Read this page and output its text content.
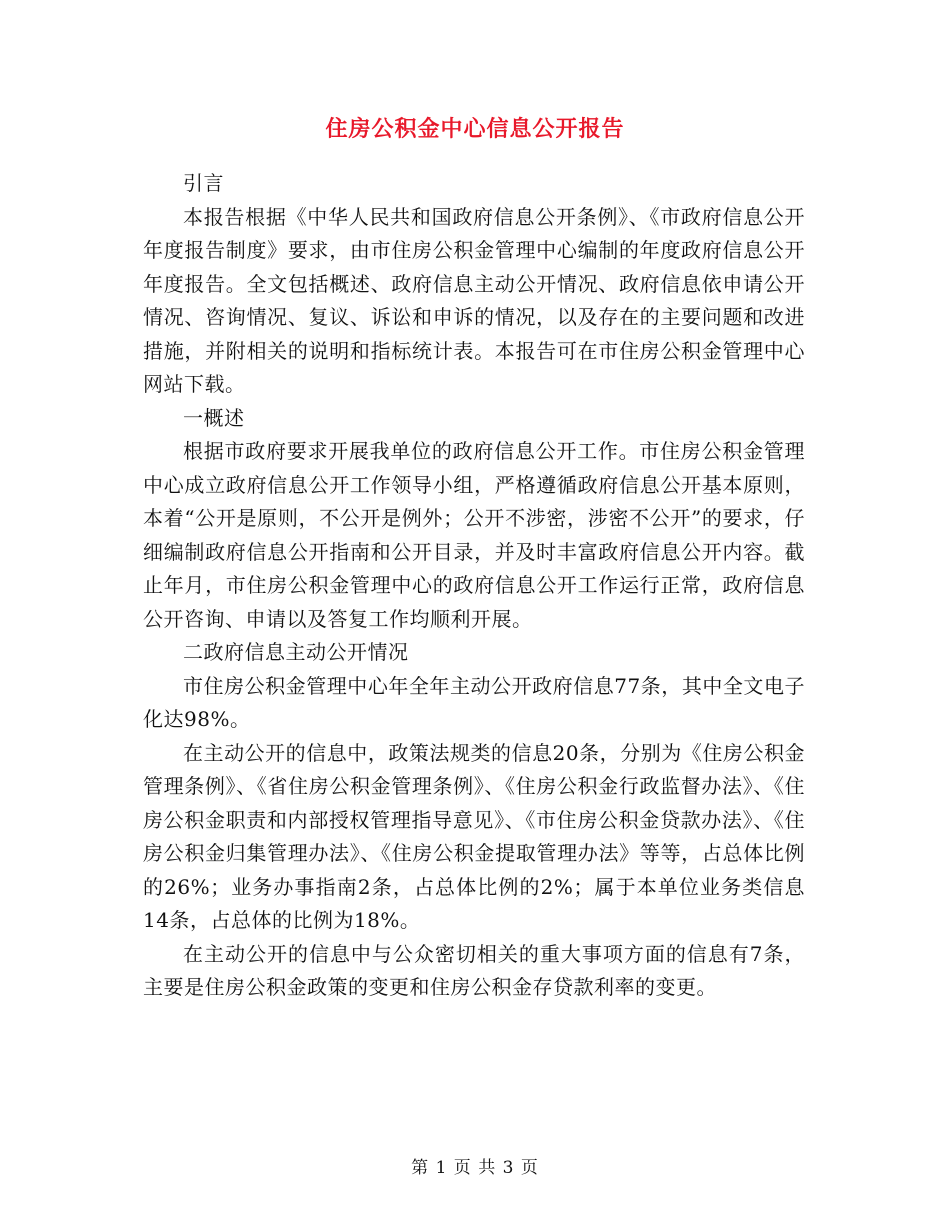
住房公积金中心信息公开报告

引言

本报告根据《中华人民共和国政府信息公开条例》、《市政府信息公开年度报告制度》要求，由市住房公积金管理中心编制的年度政府信息公开年度报告。全文包括概述、政府信息主动公开情况、政府信息依申请公开情况、咨询情况、复议、诉讼和申诉的情况，以及存在的主要问题和改进措施，并附相关的说明和指标统计表。本报告可在市住房公积金管理中心网站下载。

一概述

根据市政府要求开展我单位的政府信息公开工作。市住房公积金管理中心成立政府信息公开工作领导小组，严格遵循政府信息公开基本原则，本着“公开是原则，不公开是例外；公开不涉密，涉密不公开”的要求，仔细编制政府信息公开指南和公开目录，并及时丰富政府信息公开内容。截止年月，市住房公积金管理中心的政府信息公开工作运行正常，政府信息公开咨询、申请以及答复工作均顺利开展。

二政府信息主动公开情况

市住房公积金管理中心年全年主动公开政府信息77条，其中全文电子化达98%。

在主动公开的信息中，政策法规类的信息20条，分别为《住房公积金管理条例》、《省住房公积金管理条例》、《住房公积金行政监督办法》、《住房公积金职责和内部授权管理指导意见》、《市住房公积金贷款办法》、《住房公积金归集管理办法》、《住房公积金提取管理办法》等等，占总体比例的26%；业务办事指南2条，占总体比例的2%；属于本单位业务类信息14条，占总体的比例为18%。

在主动公开的信息中与公众密切相关的重大事项方面的信息有7条，主要是住房公积金政策的变更和住房公积金存贷款利率的变更。

第 1 页 共 3 页
